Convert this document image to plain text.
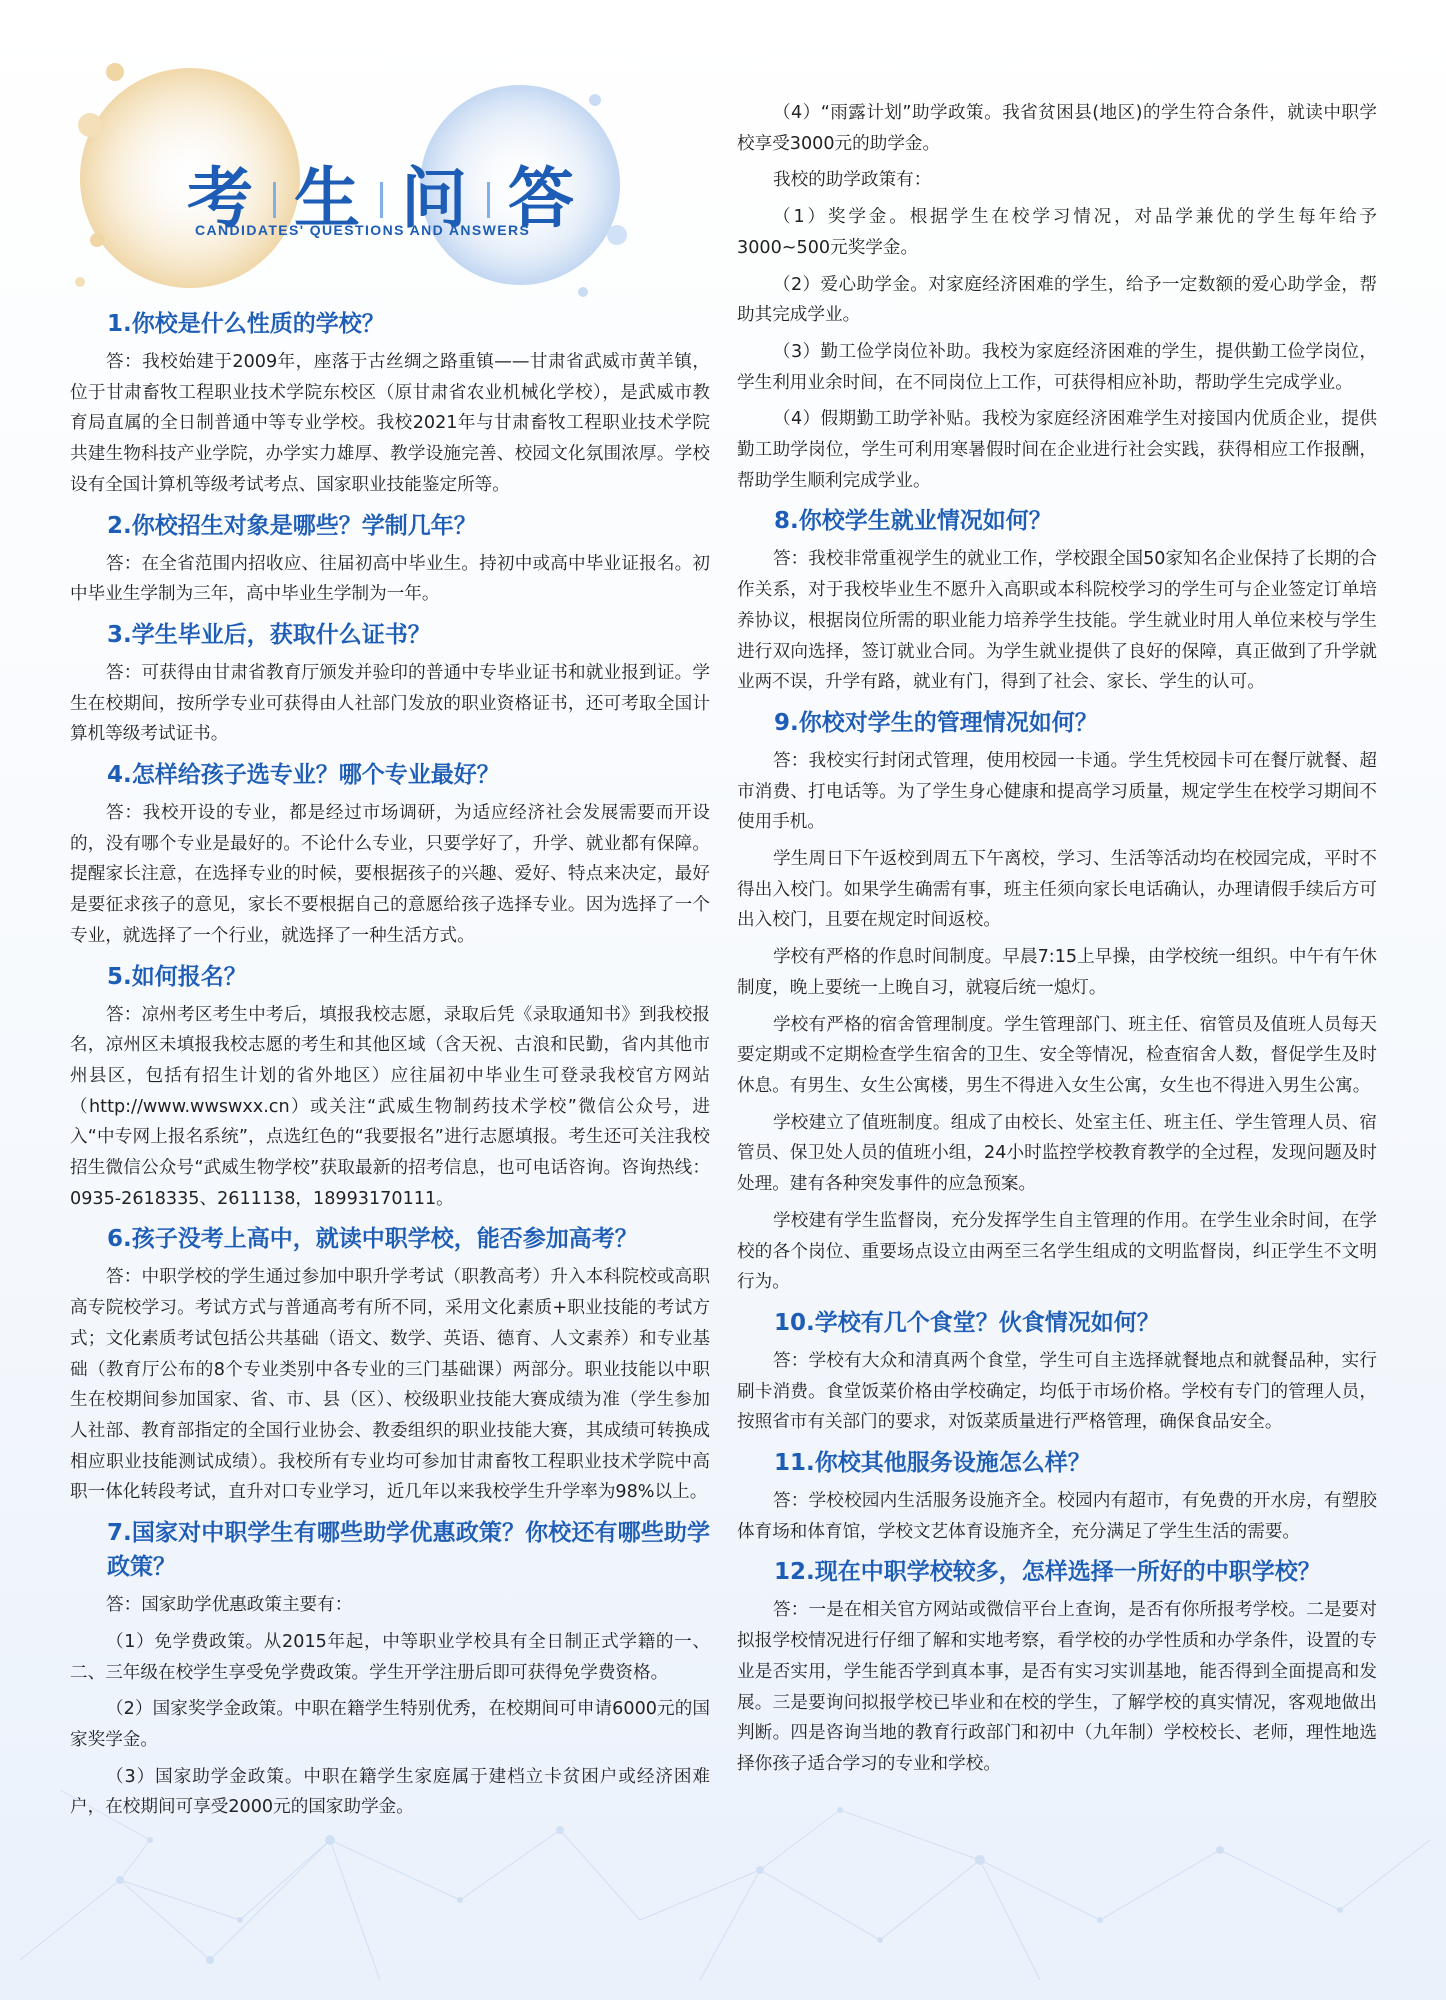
考 生 问 答

CANDIDATES' QUESTIONS AND ANSWERS

1.你校是什么性质的学校？

答：我校始建于2009年，座落于古丝绸之路重镇——甘肃省武威市黄羊镇，位于甘肃畜牧工程职业技术学院东校区（原甘肃省农业机械化学校），是武威市教育局直属的全日制普通中等专业学校。我校2021年与甘肃畜牧工程职业技术学院共建生物科技产业学院，办学实力雄厚、教学设施完善、校园文化氛围浓厚。学校设有全国计算机等级考试考点、国家职业技能鉴定所等。

2.你校招生对象是哪些？学制几年？

答：在全省范围内招收应、往届初高中毕业生。持初中或高中毕业证报名。初中毕业生学制为三年，高中毕业生学制为一年。

3.学生毕业后，获取什么证书？

答：可获得由甘肃省教育厅颁发并验印的普通中专毕业证书和就业报到证。学生在校期间，按所学专业可获得由人社部门发放的职业资格证书，还可考取全国计算机等级考试证书。

4.怎样给孩子选专业？哪个专业最好？

答：我校开设的专业，都是经过市场调研，为适应经济社会发展需要而开设的，没有哪个专业是最好的。不论什么专业，只要学好了，升学、就业都有保障。提醒家长注意，在选择专业的时候，要根据孩子的兴趣、爱好、特点来决定，最好是要征求孩子的意见，家长不要根据自己的意愿给孩子选择专业。因为选择了一个专业，就选择了一个行业，就选择了一种生活方式。

5.如何报名？

答：凉州考区考生中考后，填报我校志愿，录取后凭《录取通知书》到我校报名，凉州区未填报我校志愿的考生和其他区域（含天祝、古浪和民勤，省内其他市州县区，包括有招生计划的省外地区）应往届初中毕业生可登录我校官方网站（http://www.wwswxx.cn）或关注“武威生物制药技术学校”微信公众号，进入“中专网上报名系统”，点选红色的“我要报名”进行志愿填报。考生还可关注我校招生微信公众号“武威生物学校”获取最新的招考信息，也可电话咨询。咨询热线：0935-2618335、2611138，18993170111。

6.孩子没考上高中，就读中职学校，能否参加高考？

答：中职学校的学生通过参加中职升学考试（职教高考）升入本科院校或高职高专院校学习。考试方式与普通高考有所不同，采用文化素质+职业技能的考试方式；文化素质考试包括公共基础（语文、数学、英语、德育、人文素养）和专业基础（教育厅公布的8个专业类别中各专业的三门基础课）两部分。职业技能以中职生在校期间参加国家、省、市、县（区）、校级职业技能大赛成绩为准（学生参加人社部、教育部指定的全国行业协会、教委组织的职业技能大赛，其成绩可转换成相应职业技能测试成绩）。我校所有专业均可参加甘肃畜牧工程职业技术学院中高职一体化转段考试，直升对口专业学习，近几年以来我校学生升学率为98%以上。

7.国家对中职学生有哪些助学优惠政策？你校还有哪些助学政策？

答：国家助学优惠政策主要有：

（1）免学费政策。从2015年起，中等职业学校具有全日制正式学籍的一、二、三年级在校学生享受免学费政策。学生开学注册后即可获得免学费资格。

（2）国家奖学金政策。中职在籍学生特别优秀，在校期间可申请6000元的国家奖学金。

（3）国家助学金政策。中职在籍学生家庭属于建档立卡贫困户或经济困难户，在校期间可享受2000元的国家助学金。

（4）“雨露计划”助学政策。我省贫困县(地区)的学生符合条件，就读中职学校享受3000元的助学金。

我校的助学政策有：

（1）奖学金。根据学生在校学习情况，对品学兼优的学生每年给予3000~500元奖学金。

（2）爱心助学金。对家庭经济困难的学生，给予一定数额的爱心助学金，帮助其完成学业。

（3）勤工俭学岗位补助。我校为家庭经济困难的学生，提供勤工俭学岗位，学生利用业余时间，在不同岗位上工作，可获得相应补助，帮助学生完成学业。

（4）假期勤工助学补贴。我校为家庭经济困难学生对接国内优质企业，提供勤工助学岗位，学生可利用寒暑假时间在企业进行社会实践，获得相应工作报酬，帮助学生顺利完成学业。

8.你校学生就业情况如何？

答：我校非常重视学生的就业工作，学校跟全国50家知名企业保持了长期的合作关系，对于我校毕业生不愿升入高职或本科院校学习的学生可与企业签定订单培养协议，根据岗位所需的职业能力培养学生技能。学生就业时用人单位来校与学生进行双向选择，签订就业合同。为学生就业提供了良好的保障，真正做到了升学就业两不误，升学有路，就业有门，得到了社会、家长、学生的认可。

9.你校对学生的管理情况如何？

答：我校实行封闭式管理，使用校园一卡通。学生凭校园卡可在餐厅就餐、超市消费、打电话等。为了学生身心健康和提高学习质量，规定学生在校学习期间不使用手机。

学生周日下午返校到周五下午离校，学习、生活等活动均在校园完成，平时不得出入校门。如果学生确需有事，班主任须向家长电话确认，办理请假手续后方可出入校门，且要在规定时间返校。

学校有严格的作息时间制度。早晨7:15上早操，由学校统一组织。中午有午休制度，晚上要统一上晚自习，就寝后统一熄灯。

学校有严格的宿舍管理制度。学生管理部门、班主任、宿管员及值班人员每天要定期或不定期检查学生宿舍的卫生、安全等情况，检查宿舍人数，督促学生及时休息。有男生、女生公寓楼，男生不得进入女生公寓，女生也不得进入男生公寓。

学校建立了值班制度。组成了由校长、处室主任、班主任、学生管理人员、宿管员、保卫处人员的值班小组，24小时监控学校教育教学的全过程，发现问题及时处理。建有各种突发事件的应急预案。

学校建有学生监督岗，充分发挥学生自主管理的作用。在学生业余时间，在学校的各个岗位、重要场点设立由两至三名学生组成的文明监督岗，纠正学生不文明行为。

10.学校有几个食堂？伙食情况如何？

答：学校有大众和清真两个食堂，学生可自主选择就餐地点和就餐品种，实行刷卡消费。食堂饭菜价格由学校确定，均低于市场价格。学校有专门的管理人员，按照省市有关部门的要求，对饭菜质量进行严格管理，确保食品安全。

11.你校其他服务设施怎么样？

答：学校校园内生活服务设施齐全。校园内有超市，有免费的开水房，有塑胶体育场和体育馆，学校文艺体育设施齐全，充分满足了学生生活的需要。

12.现在中职学校较多，怎样选择一所好的中职学校？

答：一是在相关官方网站或微信平台上查询，是否有你所报考学校。二是要对拟报学校情况进行仔细了解和实地考察，看学校的办学性质和办学条件，设置的专业是否实用，学生能否学到真本事，是否有实习实训基地，能否得到全面提高和发展。三是要询问拟报学校已毕业和在校的学生，了解学校的真实情况，客观地做出判断。四是咨询当地的教育行政部门和初中（九年制）学校校长、老师，理性地选择你孩子适合学习的专业和学校。
